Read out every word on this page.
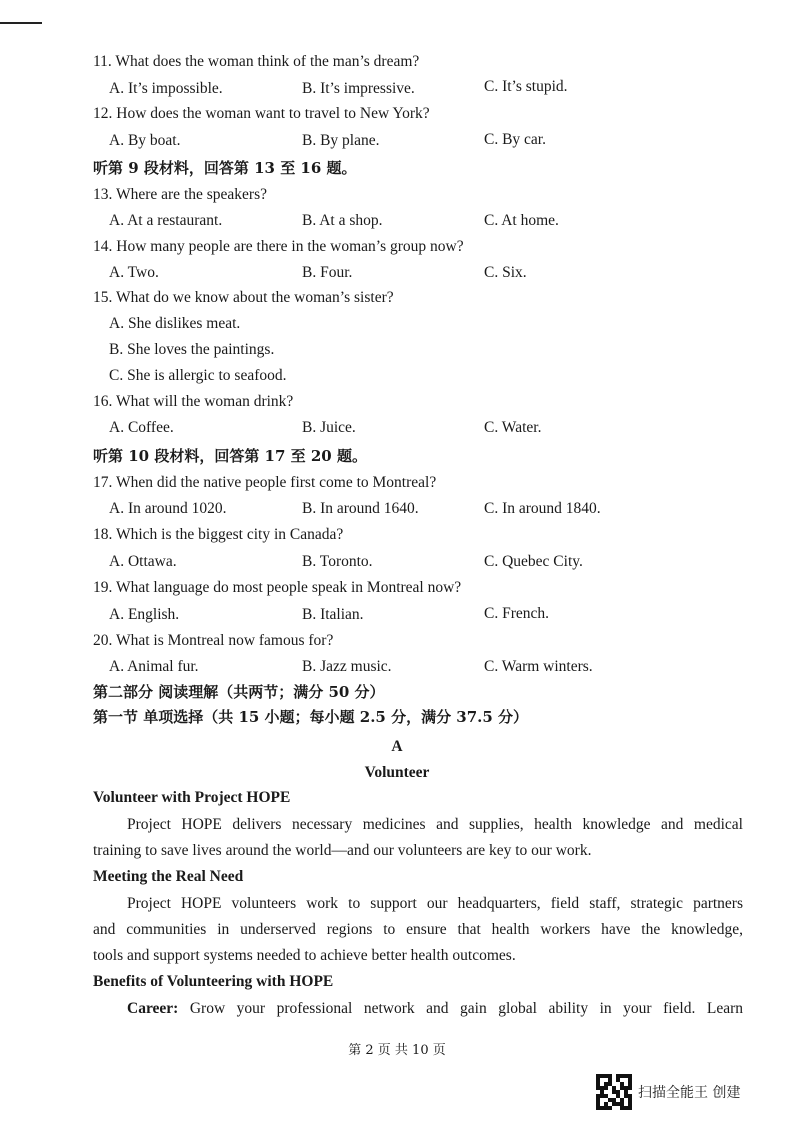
11. What does the woman think of the man’s dream?
A. It’s impossible.	B. It’s impressive.	C. It’s stupid.
12. How does the woman want to travel to New York?
A. By boat.	B. By plane.	C. By car.
听第 9 段材料，回答第 13 至 16 题。
13. Where are the speakers?
A. At a restaurant.	B. At a shop.	C. At home.
14. How many people are there in the woman’s group now?
A. Two.	B. Four.	C. Six.
15. What do we know about the woman’s sister?
A. She dislikes meat.
B. She loves the paintings.
C. She is allergic to seafood.
16. What will the woman drink?
A. Coffee.	B. Juice.	C. Water.
听第 10 段材料，回答第 17 至 20 题。
17. When did the native people first come to Montreal?
A. In around 1020.	B. In around 1640.	C. In around 1840.
18. Which is the biggest city in Canada?
A. Ottawa.	B. Toronto.	C. Quebec City.
19. What language do most people speak in Montreal now?
A. English.	B. Italian.	C. French.
20. What is Montreal now famous for?
A. Animal fur.	B. Jazz music.	C. Warm winters.
第二部分 阅读理解（共两节；满分 50 分）
第一节 单项选择（共 15 小题；每小题 2.5 分，满分 37.5 分）
A
Volunteer
Volunteer with Project HOPE
Project HOPE delivers necessary medicines and supplies, health knowledge and medical
training to save lives around the world—and our volunteers are key to our work.
Meeting the Real Need
Project HOPE volunteers work to support our headquarters, field staff, strategic partners
and communities in underserved regions to ensure that health workers have the knowledge,
tools and support systems needed to achieve better health outcomes.
Benefits of Volunteering with HOPE
Career: Grow your professional network and gain global ability in your field. Learn
第 2 页 共 10 页
扫描全能王 创建
